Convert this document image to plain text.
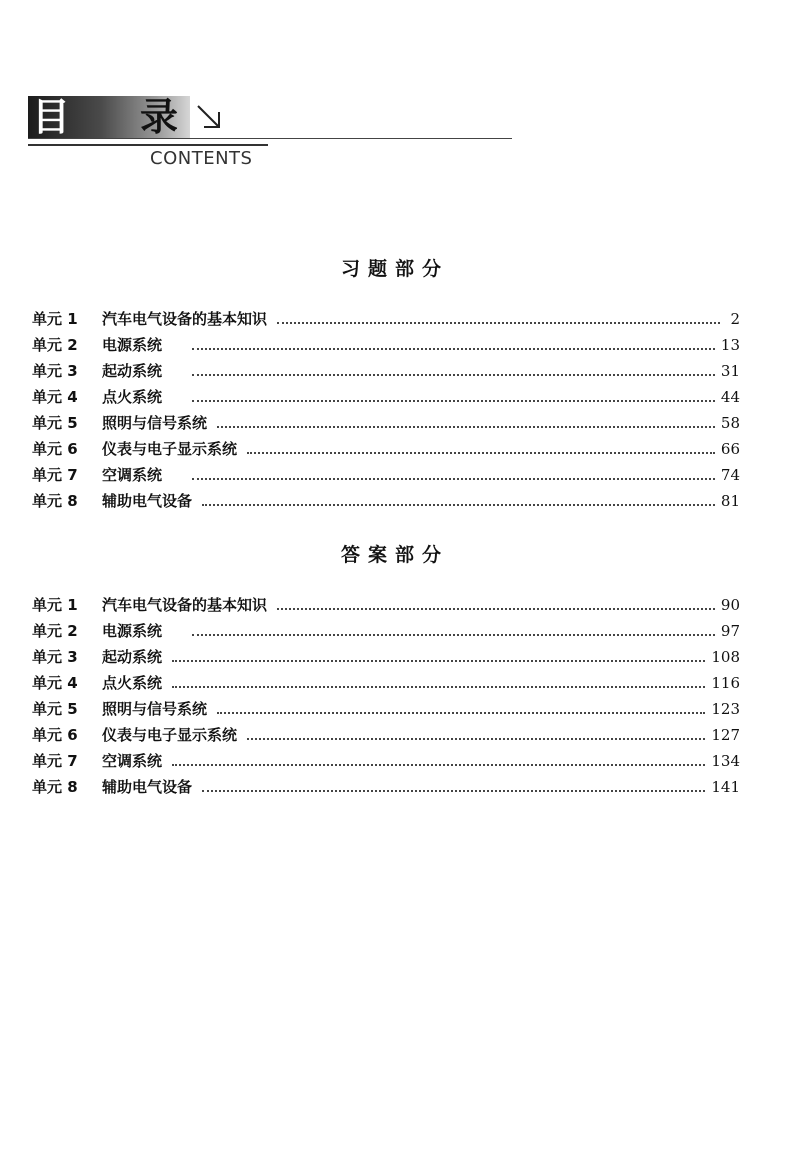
目 录
CONTENTS
习题部分
单元 1	汽车电气设备的基本知识	2
单元 2	电源系统	13
单元 3	起动系统	31
单元 4	点火系统	44
单元 5	照明与信号系统	58
单元 6	仪表与电子显示系统	66
单元 7	空调系统	74
单元 8	辅助电气设备	81
答案部分
单元 1	汽车电气设备的基本知识	90
单元 2	电源系统	97
单元 3	起动系统	108
单元 4	点火系统	116
单元 5	照明与信号系统	123
单元 6	仪表与电子显示系统	127
单元 7	空调系统	134
单元 8	辅助电气设备	141
